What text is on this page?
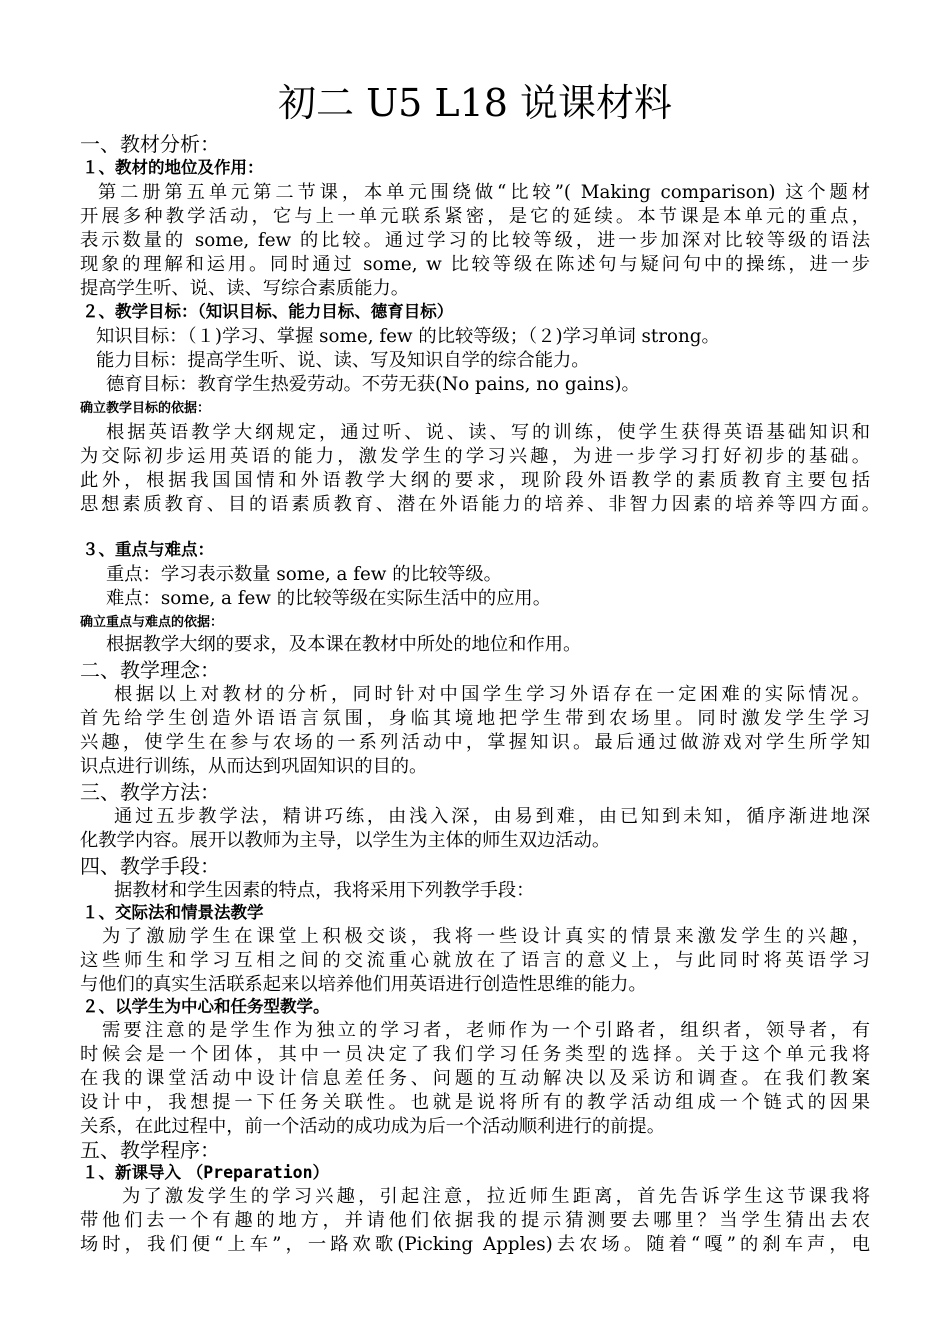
初二 U5 L18 说课材料
一、教材分析：
１、教材的地位及作用：
第二册第五单元第二节课，本单元围绕做“比较”( Making comparison) 这个题材
开展多种教学活动，它与上一单元联系紧密，是它的延续。本节课是本单元的重点，
表示数量的 some, few 的比较。通过学习的比较等级，进一步加深对比较等级的语法
现象的理解和运用。同时通过 some, w 比较等级在陈述句与疑问句中的操练，进一步
提高学生听、说、读、写综合素质能力。
２、教学目标：（知识目标、能力目标、德育目标）
知识目标：（１)学习、掌握 some, few 的比较等级；（２)学习单词 strong。
能力目标：提高学生听、说、读、写及知识自学的综合能力。
德育目标：教育学生热爱劳动。不劳无获(No pains, no gains)。
确立教学目标的依据：
根据英语教学大纲规定，通过听、说、读、写的训练，使学生获得英语基础知识和
为交际初步运用英语的能力，激发学生的学习兴趣，为进一步学习打好初步的基础。
此外，根据我国国情和外语教学大纲的要求，现阶段外语教学的素质教育主要包括
思想素质教育、目的语素质教育、潜在外语能力的培养、非智力因素的培养等四方面。
３、重点与难点：
重点：学习表示数量 some, a few 的比较等级。
难点：some, a few 的比较等级在实际生活中的应用。
确立重点与难点的依据：
根据教学大纲的要求，及本课在教材中所处的地位和作用。
二、教学理念：
根据以上对教材的分析，同时针对中国学生学习外语存在一定困难的实际情况。
首先给学生创造外语语言氛围，身临其境地把学生带到农场里。同时激发学生学习
兴趣，使学生在参与农场的一系列活动中，掌握知识。最后通过做游戏对学生所学知
识点进行训练，从而达到巩固知识的目的。
三、教学方法：
通过五步教学法，精讲巧练，由浅入深，由易到难，由已知到未知，循序渐进地深
化教学内容。展开以教师为主导，以学生为主体的师生双边活动。
四、教学手段：
据教材和学生因素的特点，我将采用下列教学手段：
１、交际法和情景法教学
为了激励学生在课堂上积极交谈，我将一些设计真实的情景来激发学生的兴趣，
这些师生和学习互相之间的交流重心就放在了语言的意义上，与此同时将英语学习
与他们的真实生活联系起来以培养他们用英语进行创造性思维的能力。
２、以学生为中心和任务型教学。
需要注意的是学生作为独立的学习者，老师作为一个引路者，组织者，领导者，有
时候会是一个团体，其中一员决定了我们学习任务类型的选择。关于这个单元我将
在我的课堂活动中设计信息差任务、问题的互动解决以及采访和调查。在我们教案
设计中，我想提一下任务关联性。也就是说将所有的教学活动组成一个链式的因果
关系，在此过程中，前一个活动的成功成为后一个活动顺利进行的前提。
五、教学程序：
１、新课导入 （Preparation）
为了激发学生的学习兴趣，引起注意，拉近师生距离，首先告诉学生这节课我将
带他们去一个有趣的地方，并请他们依据我的提示猜测要去哪里？当学生猜出去农
场时，我们便“上车”，一路欢歌(Picking Apples)去农场。随着“嘎”的刹车声，电
